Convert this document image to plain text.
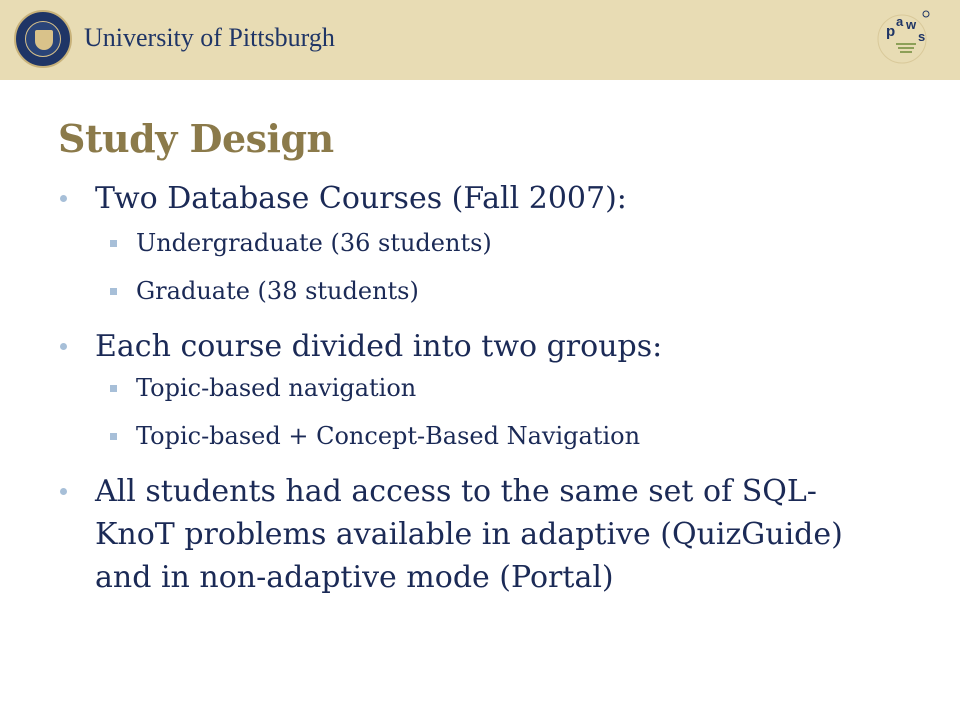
University of Pittsburgh	p
a w
s
Study Design
Two Database Courses (Fall 2007):
Undergraduate (36 students)
Graduate (38 students)
Each course divided into two groups:
Topic-based navigation
Topic-based + Concept-Based Navigation
All students had access to the same set of SQL-
KnoT problems available in adaptive (QuizGuide)
and in non-adaptive mode (Portal)
